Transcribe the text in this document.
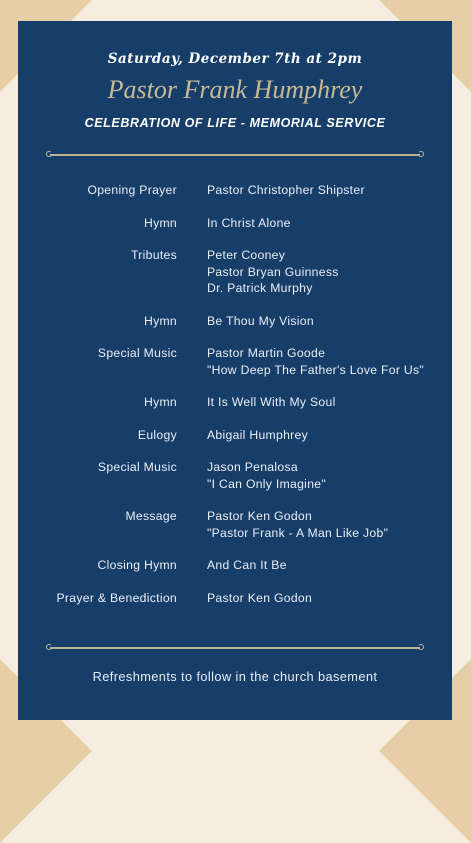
Saturday, December 7th at 2pm
Pastor Frank Humphrey
CELEBRATION OF LIFE - MEMORIAL SERVICE
Opening Prayer Pastor Christopher Shipster
Hymn In Christ Alone
Tributes Peter Cooney
Pastor Bryan Guinness
Dr. Patrick Murphy
Hymn Be Thou My Vision
Special Music Pastor Martin Goode
"How Deep The Father's Love For Us"
Hymn It Is Well With My Soul
Eulogy Abigail Humphrey
Special Music Jason Penalosa
"I Can Only Imagine"
Message Pastor Ken Godon
"Pastor Frank - A Man Like Job"
Closing Hymn And Can It Be
Prayer & Benediction Pastor Ken Godon
Refreshments to follow in the church basement
